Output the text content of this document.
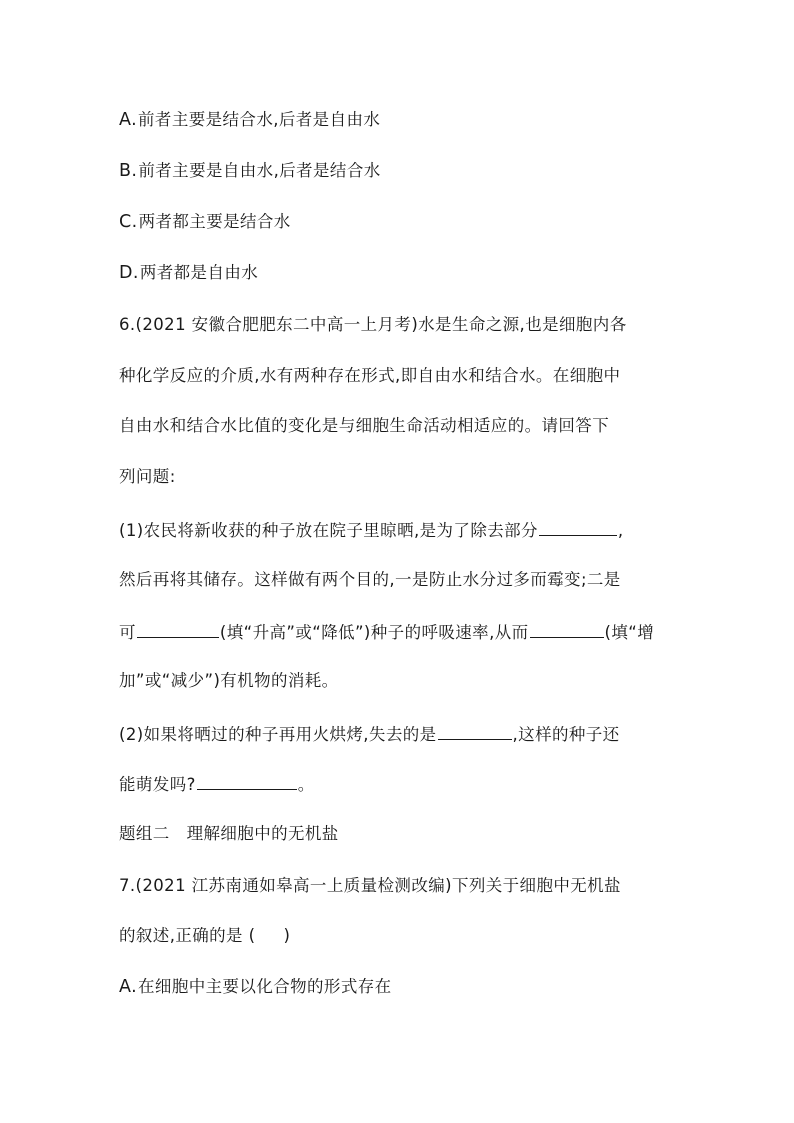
A.前者主要是结合水,后者是自由水
B.前者主要是自由水,后者是结合水
C.两者都主要是结合水
D.两者都是自由水
6.(2021 安徽合肥肥东二中高一上月考)水是生命之源,也是细胞内各
种化学反应的介质,水有两种存在形式,即自由水和结合水。在细胞中
自由水和结合水比值的变化是与细胞生命活动相适应的。请回答下
列问题:
(1)农民将新收获的种子放在院子里晾晒,是为了除去部分	,
然后再将其储存。这样做有两个目的,一是防止水分过多而霉变;二是
可	(填“升高”或“降低”)种子的呼吸速率,从而	(填“增
加”或“减少”)有机物的消耗。
(2)如果将晒过的种子再用火烘烤,失去的是	,这样的种子还
能萌发吗?	。
题组二　理解细胞中的无机盐
7.(2021 江苏南通如皋高一上质量检测改编)下列关于细胞中无机盐
的叙述,正确的是 ( )
A.在细胞中主要以化合物的形式存在
